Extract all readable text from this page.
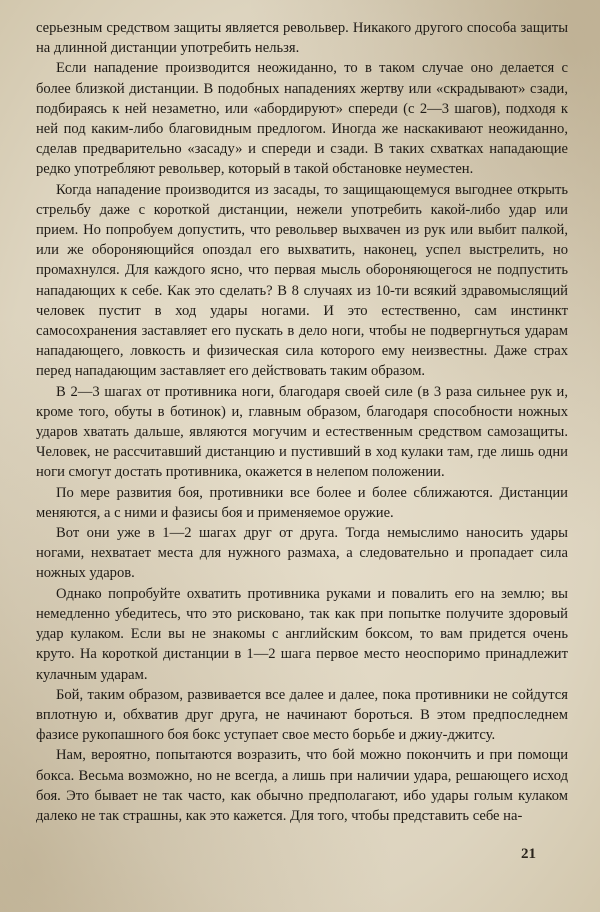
серьезным средством защиты является револьвер. Никакого другого способа защиты на длинной дистанции употребить нельзя.

Если нападение производится неожиданно, то в таком случае оно делается с более близкой дистанции. В подобных нападениях жертву или «скрадывают» сзади, подбираясь к ней незаметно, или «абордируют» спереди (с 2—3 шагов), подходя к ней под каким-либо благовидным предлогом. Иногда же наскакивают неожиданно, сделав предварительно «засаду» и спереди и сзади. В таких схватках нападающие редко употребляют револьвер, который в такой обстановке неуместен.

Когда нападение производится из засады, то защищающемуся выгоднее открыть стрельбу даже с короткой дистанции, нежели употребить какой-либо удар или прием. Но попробуем допустить, что револьвер выхвачен из рук или выбит палкой, или же обороняющийся опоздал его выхватить, наконец, успел выстрелить, но промахнулся. Для каждого ясно, что первая мысль обороняющегося не подпустить нападающих к себе. Как это сделать? В 8 случаях из 10-ти всякий здравомыслящий человек пустит в ход удары ногами. И это естественно, сам инстинкт самосохранения заставляет его пускать в дело ноги, чтобы не подвергнуться ударам нападающего, ловкость и физическая сила которого ему неизвестны. Даже страх перед нападающим заставляет его действовать таким образом.

В 2—3 шагах от противника ноги, благодаря своей силе (в 3 раза сильнее рук и, кроме того, обуты в ботинок) и, главным образом, благодаря способности ножных ударов хватать дальше, являются могучим и естественным средством самозащиты. Человек, не рассчитавший дистанцию и пустивший в ход кулаки там, где лишь одни ноги смогут достать противника, окажется в нелепом положении.

По мере развития боя, противники все более и более сближаются. Дистанции меняются, а с ними и фазисы боя и применяемое оружие.

Вот они уже в 1—2 шагах друг от друга. Тогда немыслимо наносить удары ногами, нехватает места для нужного размаха, а следовательно и пропадает сила ножных ударов.

Однако попробуйте охватить противника руками и повалить его на землю; вы немедленно убедитесь, что это рисковано, так как при попытке получите здоровый удар кулаком. Если вы не знакомы с английским боксом, то вам придется очень круто. На короткой дистанции в 1—2 шага первое место неоспоримо принадлежит кулачным ударам.

Бой, таким образом, развивается все далее и далее, пока противники не сойдутся вплотную и, обхватив друг друга, не начинают бороться. В этом предпоследнем фазисе рукопашного боя бокс уступает свое место борьбе и джиу-джитсу.

Нам, вероятно, попытаются возразить, что бой можно покончить и при помощи бокса. Весьма возможно, но не всегда, а лишь при наличии удара, решающего исход боя. Это бывает не так часто, как обычно предполагают, ибо удары голым кулаком далеко не так страшны, как это кажется. Для того, чтобы представить себе на-

21
